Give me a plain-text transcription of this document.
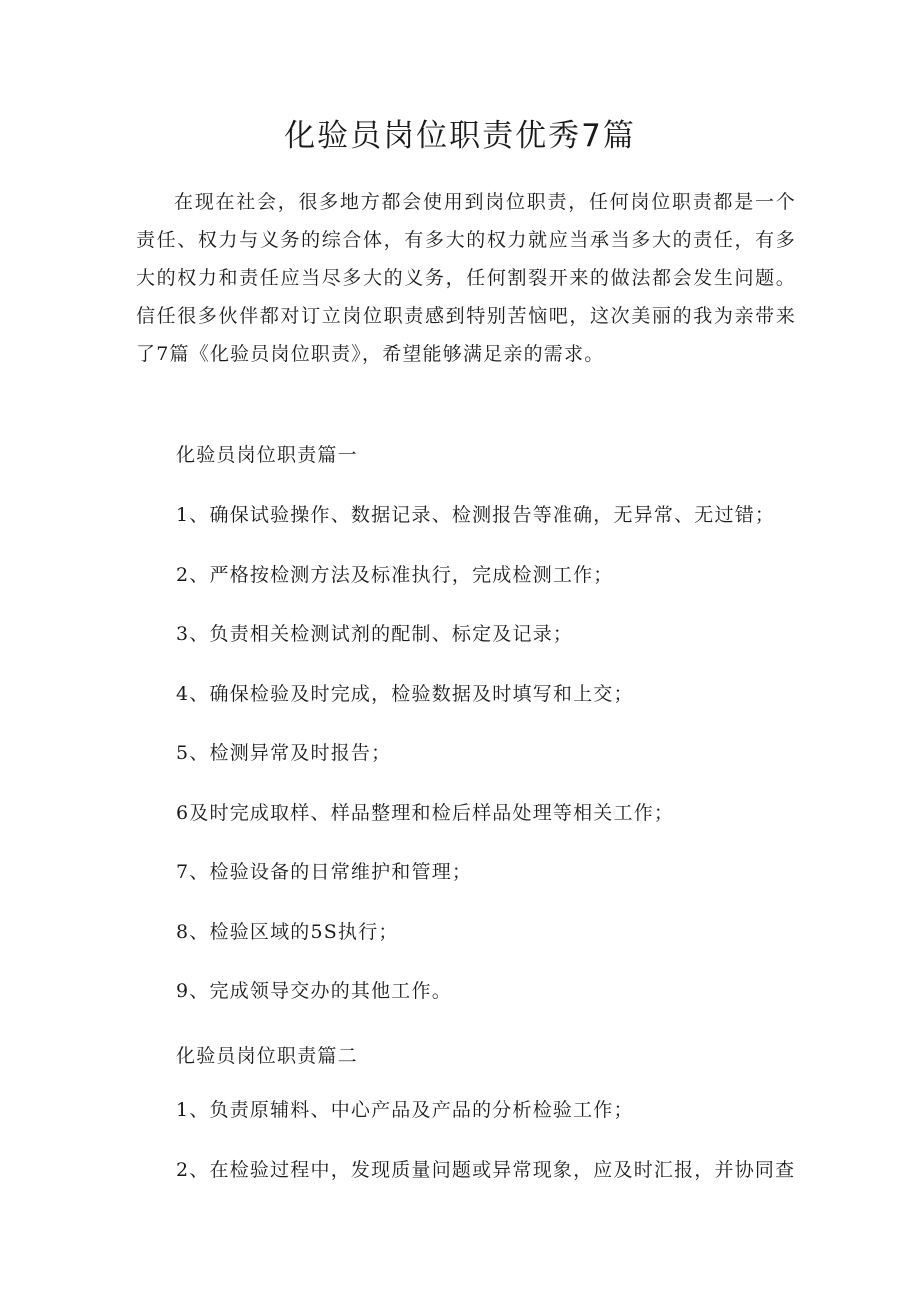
化验员岗位职责优秀7篇

在现在社会，很多地方都会使用到岗位职责，任何岗位职责都是一个责任、权力与义务的综合体，有多大的权力就应当承当多大的责任，有多大的权力和责任应当尽多大的义务，任何割裂开来的做法都会发生问题。信任很多伙伴都对订立岗位职责感到特别苦恼吧，这次美丽的我为亲带来了7篇《化验员岗位职责》，希望能够满足亲的需求。

化验员岗位职责篇一

1、确保试验操作、数据记录、检测报告等准确，无异常、无过错；

2、严格按检测方法及标准执行，完成检测工作；

3、负责相关检测试剂的配制、标定及记录；

4、确保检验及时完成，检验数据及时填写和上交；

5、检测异常及时报告；

6及时完成取样、样品整理和检后样品处理等相关工作；

7、检验设备的日常维护和管理；

8、检验区域的5S执行；

9、完成领导交办的其他工作。

化验员岗位职责篇二

1、负责原辅料、中心产品及产品的分析检验工作；

2、在检验过程中，发现质量问题或异常现象，应及时汇报，并协同查
